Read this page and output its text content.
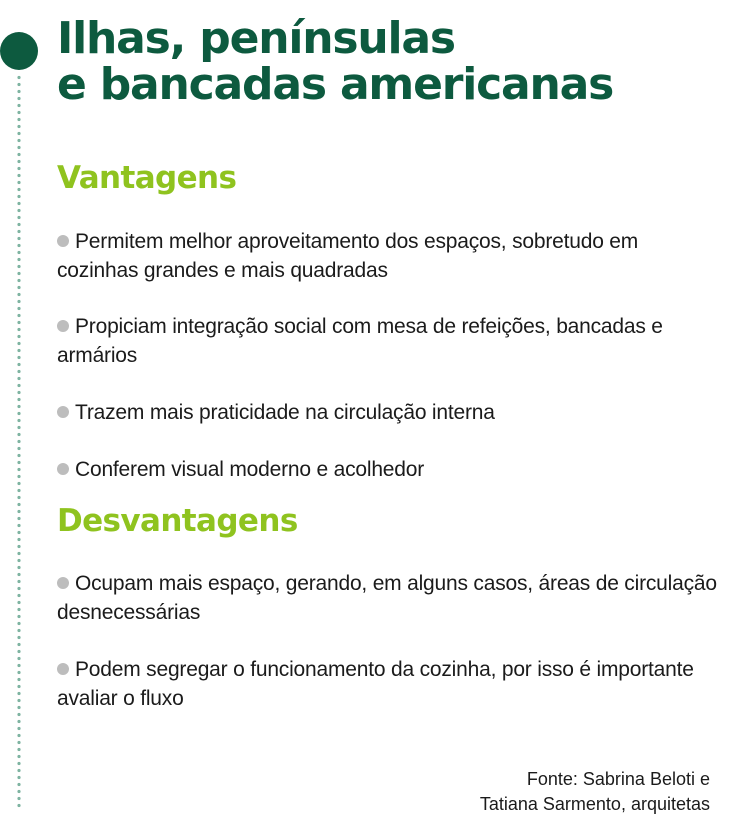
Ilhas, penínsulas
e bancadas americanas
Vantagens

Permitem melhor aproveitamento dos espaços, sobretudo em cozinhas grandes e mais quadradas

Propiciam integração social com mesa de refeições, bancadas e armários

Trazem mais praticidade na circulação interna

Conferem visual moderno e acolhedor

Desvantagens

Ocupam mais espaço, gerando, em alguns casos, áreas de circulação desnecessárias

Podem segregar o funcionamento da cozinha, por isso é importante avaliar o fluxo

Fonte: Sabrina Beloti e
Tatiana Sarmento, arquitetas
